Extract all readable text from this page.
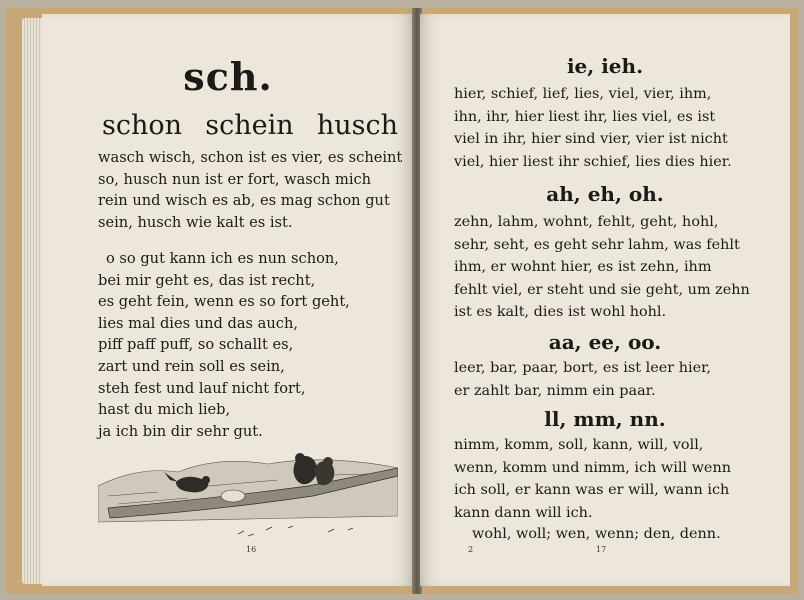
sch.
schon schein husch

wasch wisch, schon ist es vier, es scheint

so, husch nun ist er fort, wasch mich

rein und wisch es ab, es mag schon gut

sein, husch wie kalt es ist.

o so gut kann ich es nun schon,

bei mir geht es, das ist recht,

es geht fein, wenn es so fort geht,

lies mal dies und das auch,

piff paff puff, so schallt es,

zart und rein soll es sein,

steh fest und lauf nicht fort,

hast du mich lieb,

ja ich bin dir sehr gut.

16
ie, ieh.

hier, schief, lief, lies, viel, vier, ihm,

ihn, ihr, hier liest ihr, lies viel, es ist

viel in ihr, hier sind vier, vier ist nicht

viel, hier liest ihr schief, lies dies hier.

ah, eh, oh.

zehn, lahm, wohnt, fehlt, geht, hohl,

sehr, seht, es geht sehr lahm, was fehlt

ihm, er wohnt hier, es ist zehn, ihm

fehlt viel, er steht und sie geht, um zehn

ist es kalt, dies ist wohl hohl.

aa, ee, oo.

leer, bar, paar, bort, es ist leer hier,

er zahlt bar, nimm ein paar.

ll, mm, nn.

nimm, komm, soll, kann, will, voll,

wenn, komm und nimm, ich will wenn

ich soll, er kann was er will, wann ich

kann dann will ich.

wohl, woll; wen, wenn; den, denn.

2	17
